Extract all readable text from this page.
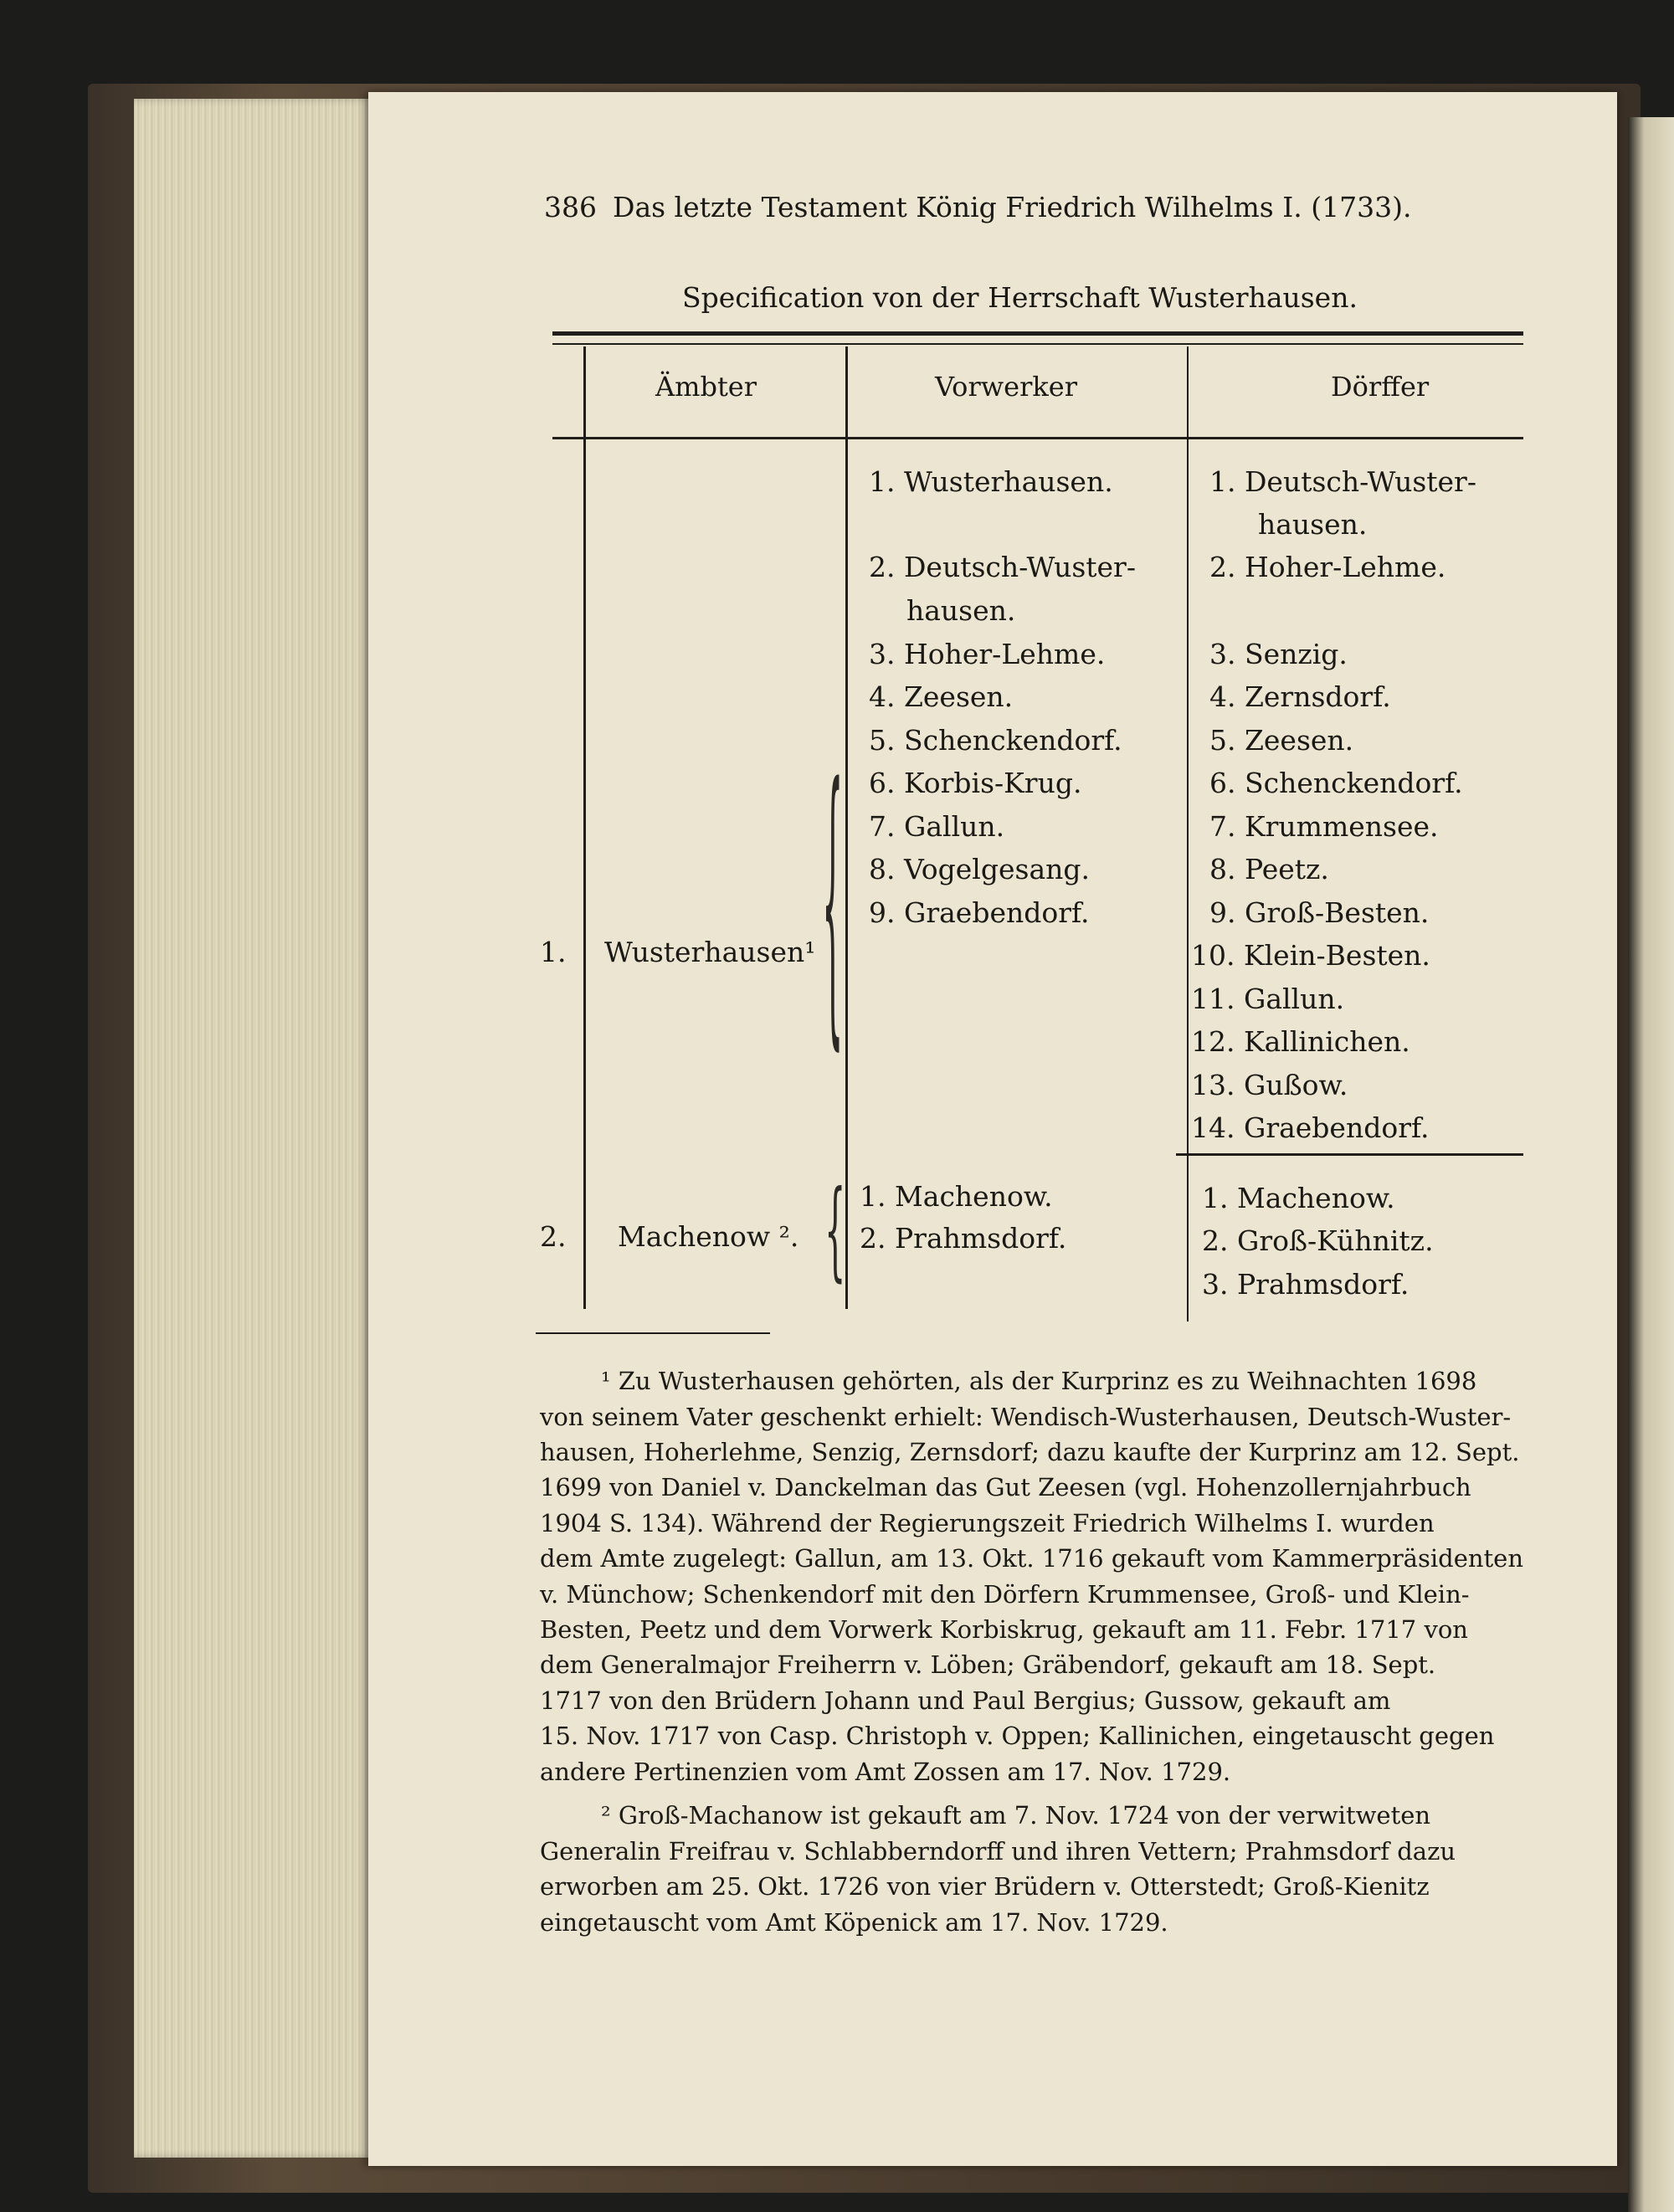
386 Das letzte Testament König Friedrich Wilhelms I. (1733).
Specification von der Herrschaft Wusterhausen.
Ämbter	Vorwerker	Dörffer
1. Wusterhausen¹ {
1. Wusterhausen.
2. Deutsch-Wuster-
hausen.
3. Hoher-Lehme.
4. Zeesen.
5. Schenckendorf.
6. Korbis-Krug.
7. Gallun.
8. Vogelgesang.
9. Graebendorf.
1. Deutsch-Wuster-
hausen.
2. Hoher-Lehme.
3. Senzig.
4. Zernsdorf.
5. Zeesen.
6. Schenckendorf.
7. Krummensee.
8. Peetz.
9. Groß-Besten.
10. Klein-Besten.
11. Gallun.
12. Kallinichen.
13. Gußow.
14. Graebendorf.
2. Machenow ². { 1. Machenow.
2. Prahmsdorf.
1. Machenow.
2. Groß-Kühnitz.
3. Prahmsdorf.
¹ Zu Wusterhausen gehörten, als der Kurprinz es zu Weihnachten 1698
von seinem Vater geschenkt erhielt: Wendisch-Wusterhausen, Deutsch-Wuster-
hausen, Hoherlehme, Senzig, Zernsdorf; dazu kaufte der Kurprinz am 12. Sept.
1699 von Daniel v. Danckelman das Gut Zeesen (vgl. Hohenzollernjahrbuch
1904 S. 134). Während der Regierungszeit Friedrich Wilhelms I. wurden
dem Amte zugelegt: Gallun, am 13. Okt. 1716 gekauft vom Kammerpräsidenten
v. Münchow; Schenkendorf mit den Dörfern Krummensee, Groß- und Klein-
Besten, Peetz und dem Vorwerk Korbiskrug, gekauft am 11. Febr. 1717 von
dem Generalmajor Freiherrn v. Löben; Gräbendorf, gekauft am 18. Sept.
1717 von den Brüdern Johann und Paul Bergius; Gussow, gekauft am
15. Nov. 1717 von Casp. Christoph v. Oppen; Kallinichen, eingetauscht gegen
andere Pertinenzien vom Amt Zossen am 17. Nov. 1729.
² Groß-Machanow ist gekauft am 7. Nov. 1724 von der verwitweten
Generalin Freifrau v. Schlabberndorff und ihren Vettern; Prahmsdorf dazu
erworben am 25. Okt. 1726 von vier Brüdern v. Otterstedt; Groß-Kienitz
eingetauscht vom Amt Köpenick am 17. Nov. 1729.
